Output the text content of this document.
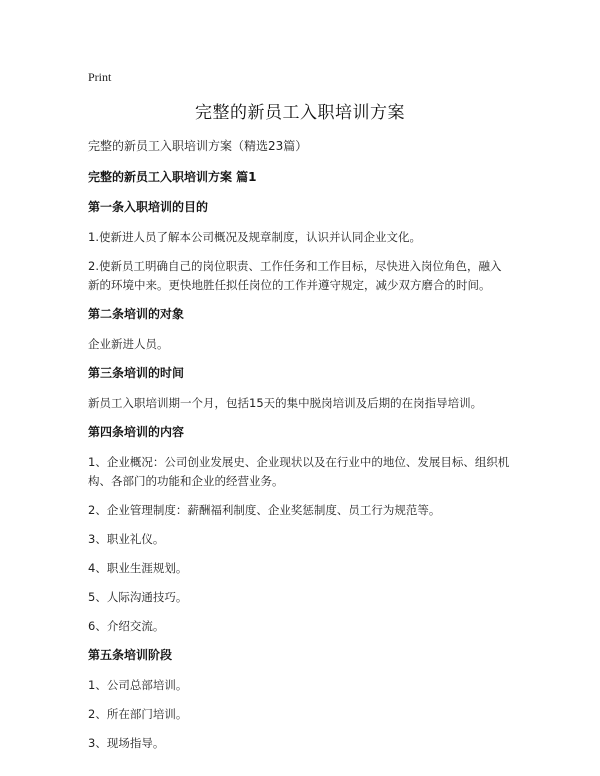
Print
完整的新员工入职培训方案
完整的新员工入职培训方案（精选23篇）
完整的新员工入职培训方案 篇1
第一条入职培训的目的

1.使新进人员了解本公司概况及规章制度，认识并认同企业文化。

2.使新员工明确自己的岗位职责、工作任务和工作目标，尽快进入岗位角色，融入新的环境中来。更快地胜任拟任岗位的工作并遵守规定，减少双方磨合的时间。

第二条培训的对象

企业新进人员。

第三条培训的时间

新员工入职培训期一个月，包括15天的集中脱岗培训及后期的在岗指导培训。

第四条培训的内容

1、企业概况：公司创业发展史、企业现状以及在行业中的地位、发展目标、组织机构、各部门的功能和企业的经营业务。

2、企业管理制度：薪酬福利制度、企业奖惩制度、员工行为规范等。

3、职业礼仪。

4、职业生涯规划。

5、人际沟通技巧。

6、介绍交流。

第五条培训阶段

1、公司总部培训。

2、所在部门培训。

3、现场指导。
